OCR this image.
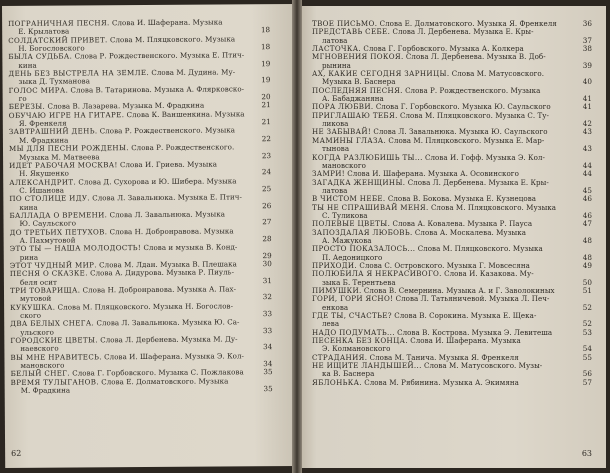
ПОГРАНИЧНАЯ ПЕСНЯ. Слова И. Шаферана. Музыка
Е. Крылатова	18
СОЛДАТСКИЙ ПРИВЕТ. Слова М. Пляцковского. Музыка
Н. Богословского	18
БЫЛА СУДЬБА. Слова Р. Рождественского. Музыка Е. Птич-
кина	19
ДЕНЬ БЕЗ ВЫСТРЕЛА НА ЗЕМЛЕ. Слова М. Дудина. Му-
зыка Д. Тухманова	19
ГОЛОС МИРА. Слова В. Татаринова. Музыка А. Флярковско-
го	20
БЕРЕЗЫ. Слова В. Лазарева. Музыка М. Фрадкина	21
ОБУЧАЮ ИГРЕ НА ГИТАРЕ. Слова К. Ваншенкина. Музыка
Я. Френкеля	21
ЗАВТРАШНИЙ ДЕНЬ. Слова Р. Рождественского. Музыка
М. Фрадкина	22
МЫ ДЛЯ ПЕСНИ РОЖДЕНЫ. Слова Р. Рождественского.
Музыка М. Матвеева	23
ИДЕТ РАБОЧАЯ МОСКВА! Слова И. Гриева. Музыка
Н. Якушенко	24
АЛЕКСАНДРИТ. Слова Д. Сухорова и Ю. Шибера. Музыка
С. Ишанова	25
ПО СТОЛИЦЕ ИДУ. Слова Л. Завальнюка. Музыка Е. Птич-
кина	26
БАЛЛАДА О ВРЕМЕНИ. Слова Л. Завальнюка. Музыка
Ю. Саульского	27
ДО ТРЕТЬИХ ПЕТУХОВ. Слова Н. Добронравова. Музыка
А. Пахмутовой	28
ЭТО ТЫ — НАША МОЛОДОСТЬ! Слова и музыка В. Конд-
рина	29
ЭТОТ ЧУДНЫЙ МИР. Слова М. Лдан. Музыка В. Плешака	30
ПЕСНЯ О СКАЗКЕ. Слова А. Дидурова. Музыка Р. Пиуль-
беля осит	31
ТРИ ТОВАРИЩА. Слова Н. Добронравова. Музыка А. Пах-
мутовой	32
КУКУШКА. Слова М. Пляцковского. Музыка Н. Богослов-
ского	33
ДВА БЕЛЫХ СНЕГА. Слова Л. Завальнюка. Музыка Ю. Са-
ульского	33
ГОРОДСКИЕ ЦВЕТЫ. Слова Л. Дербенева. Музыка М. Ду-
наевского	34
ВЫ МНЕ НРАВИТЕСЬ. Слова И. Шаферана. Музыка Э. Кол-
мановского	34
БЕЛЫЙ СНЕГ. Слова Г. Горбовского. Музыка С. Пожлакова	35
ВРЕМЯ ТУЛЫГАНОВ. Слова Е. Долматовского. Музыка
М. Фрадкина	35
62
ТВОЕ ПИСЬМО. Слова Е. Долматовского. Музыка Я. Френкеля	36
ПРЕДСТАВЬ СЕБЕ. Слова Л. Дербенева. Музыка Е. Кры-
латова	37
ЛАСТОЧКА. Слова Г. Горбовского. Музыка А. Колкера	38
МГНОВЕНИЯ ПОКОЯ. Слова Л. Дербенева. Музыка В. Доб-
рынина	39
АХ, КАКИЕ СЕГОДНЯ ЗАРНИЦЫ. Слова М. Матусовского.
Музыка В. Баснера	40
ПОСЛЕДНЯЯ ПЕСНЯ. Слова Р. Рождественского. Музыка
А. Бабаджаняна	41
ПОРА ЛЮБВИ. Слова Г. Горбовского. Музыка Ю. Саульского	41
ПРИГЛАШАЮ ТЕБЯ. Слова М. Пляцковского. Музыка С. Ту-
ликова	42
НЕ ЗАБЫВАЙ! Слова Л. Завальнюка. Музыка Ю. Саульского	43
МАМИНЫ ГЛАЗА. Слова М. Пляцковского. Музыка Е. Мар-
тынова	43
КОГДА РАЗЛЮБИШЬ ТЫ... Слова И. Гофф. Музыка Э. Кол-
мановского	44
ЗАМРИ! Слова И. Шаферана. Музыка А. Осовинского	44
ЗАГАДКА ЖЕНЩИНЫ. Слова Л. Дербенева. Музыка Е. Кры-
латова	45
В ЧИСТОМ НЕБЕ. Слова В. Бокова. Музыка Е. Кузнецова	46
ТЫ НЕ СПРАШИВАЙ МЕНЯ. Слова М. Пляцковского. Музыка
С. Туликова	46
ПОЛЕВЫЕ ЦВЕТЫ. Слова А. Ковалева. Музыка Р. Пауса	47
ЗАПОЗДАЛАЯ ЛЮБОВЬ. Слова А. Москалева. Музыка
А. Мажукова	48
ПРОСТО ПОКАЗАЛОСЬ... Слова М. Пляцковского. Музыка
П. Аедоницкого	48
ПРИХОДИ. Слова С. Островского. Музыка Г. Мовсесяна	49
ПОЛЮБИЛА Я НЕКРАСИВОГО. Слова И. Казакова. Му-
зыка Б. Терентьева	50
ПИМУШКИ. Слова В. Семернина. Музыка А. и Г. Заволокиных	51
ГОРИ, ГОРИ ЯСНО! Слова Л. Татьяничевой. Музыка Л. Печ-
енкова	52
ГДЕ ТЫ, СЧАСТЬЕ? Слова В. Сорокина. Музыка Е. Щека-
лева	52
НАДО ПОДУМАТЬ... Слова В. Кострова. Музыка Э. Левитеша	53
ПЕСЕНКА БЕЗ КОНЦА. Слова И. Шаферана. Музыка
Э. Колмановского	54
СТРАДАНИЯ. Слова М. Танича. Музыка Я. Френкеля	55
НЕ ИЩИТЕ ЛАНДЫШЕЙ... Слова М. Матусовского. Музы-
ка В. Баснера	56
ЯБЛОНЬКА. Слова М. Рябинина. Музыка А. Экимяна	57
63
